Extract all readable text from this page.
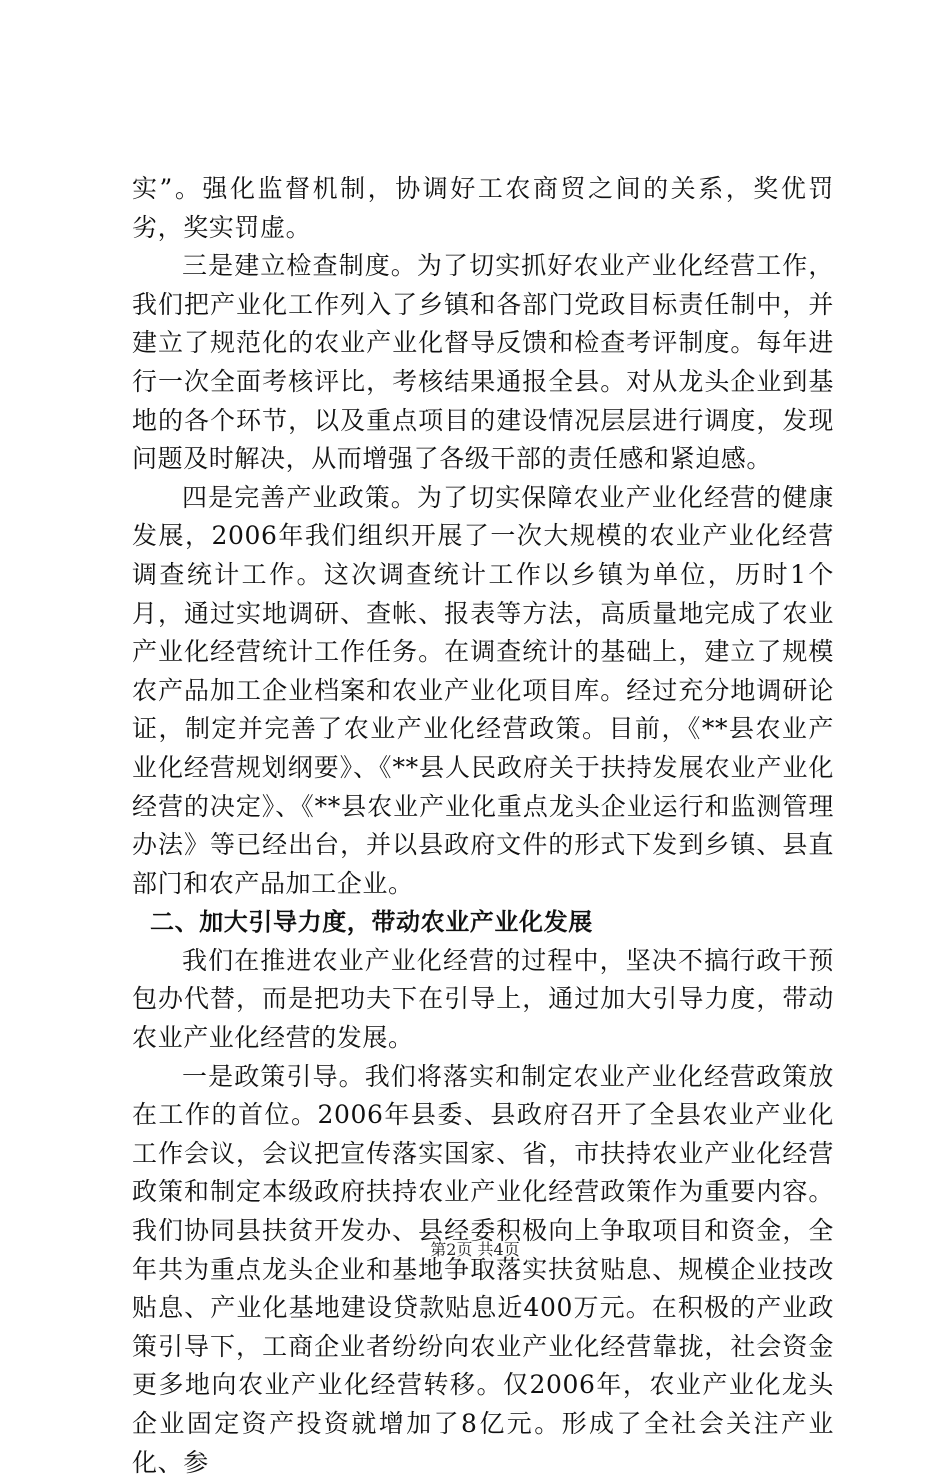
实”。强化监督机制，协调好工农商贸之间的关系，奖优罚劣，奖实罚虚。

三是建立检查制度。为了切实抓好农业产业化经营工作，我们把产业化工作列入了乡镇和各部门党政目标责任制中，并建立了规范化的农业产业化督导反馈和检查考评制度。每年进行一次全面考核评比，考核结果通报全县。对从龙头企业到基地的各个环节，以及重点项目的建设情况层层进行调度，发现问题及时解决，从而增强了各级干部的责任感和紧迫感。

四是完善产业政策。为了切实保障农业产业化经营的健康发展，2006年我们组织开展了一次大规模的农业产业化经营调查统计工作。这次调查统计工作以乡镇为单位，历时1个月，通过实地调研、查帐、报表等方法，高质量地完成了农业产业化经营统计工作任务。在调查统计的基础上，建立了规模农产品加工企业档案和农业产业化项目库。经过充分地调研论证，制定并完善了农业产业化经营政策。目前，《**县农业产业化经营规划纲要》、《**县人民政府关于扶持发展农业产业化经营的决定》、《**县农业产业化重点龙头企业运行和监测管理办法》等已经出台，并以县政府文件的形式下发到乡镇、县直部门和农产品加工企业。

二、加大引导力度，带动农业产业化发展

我们在推进农业产业化经营的过程中，坚决不搞行政干预包办代替，而是把功夫下在引导上，通过加大引导力度，带动农业产业化经营的发展。

一是政策引导。我们将落实和制定农业产业化经营政策放在工作的首位。2006年县委、县政府召开了全县农业产业化工作会议，会议把宣传落实国家、省，市扶持农业产业化经营政策和制定本级政府扶持农业产业化经营政策作为重要内容。我们协同县扶贫开发办、县经委积极向上争取项目和资金，全年共为重点龙头企业和基地争取落实扶贫贴息、规模企业技改贴息、产业化基地建设贷款贴息近400万元。在积极的产业政策引导下，工商企业者纷纷向农业产业化经营靠拢，社会资金更多地向农业产业化经营转移。仅2006年，农业产业化龙头企业固定资产投资就增加了8亿元。形成了全社会关注产业化、参

第2页 共4页
